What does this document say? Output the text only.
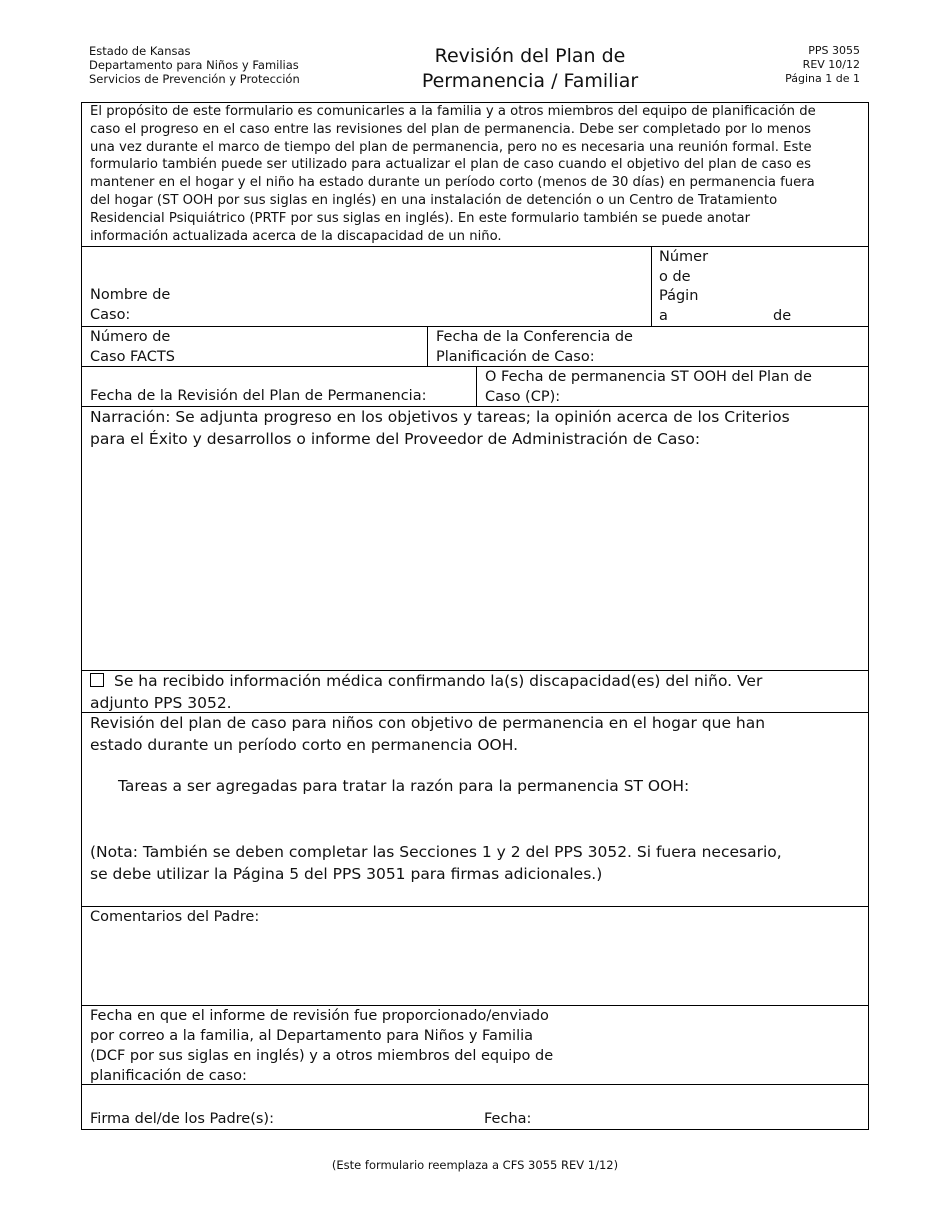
Estado de Kansas
Departamento para Niños y Familias
Servicios de Prevención y Protección
Revisión del Plan de
Permanencia / Familiar
PPS 3055
REV 10/12
Página 1 de 1
El propósito de este formulario es comunicarles a la familia y a otros miembros del equipo de planificación de
caso el progreso en el caso entre las revisiones del plan de permanencia. Debe ser completado por lo menos
una vez durante el marco de tiempo del plan de permanencia, pero no es necesaria una reunión formal. Este
formulario también puede ser utilizado para actualizar el plan de caso cuando el objetivo del plan de caso es
mantener en el hogar y el niño ha estado durante un período corto (menos de 30 días) en permanencia fuera
del hogar (ST OOH por sus siglas en inglés) en una instalación de detención o un Centro de Tratamiento
Residencial Psiquiátrico (PRTF por sus siglas en inglés). En este formulario también se puede anotar
información actualizada acerca de la discapacidad de un niño.
Nombre de
Caso:
Númer
o de
Págin
a	de
Número de
Caso FACTS
Fecha de la Conferencia de
Planificación de Caso:
Fecha de la Revisión del Plan de Permanencia:
O Fecha de permanencia ST OOH del Plan de
Caso (CP):
Narración: Se adjunta progreso en los objetivos y tareas; la opinión acerca de los Criterios
para el Éxito y desarrollos o informe del Proveedor de Administración de Caso:
Se ha recibido información médica confirmando la(s) discapacidad(es) del niño. Ver
adjunto PPS 3052.
Revisión del plan de caso para niños con objetivo de permanencia en el hogar que han
estado durante un período corto en permanencia OOH.
Tareas a ser agregadas para tratar la razón para la permanencia ST OOH:
(Nota: También se deben completar las Secciones 1 y 2 del PPS 3052. Si fuera necesario,
se debe utilizar la Página 5 del PPS 3051 para firmas adicionales.)
Comentarios del Padre:
Fecha en que el informe de revisión fue proporcionado/enviado
por correo a la familia, al Departamento para Niños y Familia
(DCF por sus siglas en inglés) y a otros miembros del equipo de
planificación de caso:
Firma del/de los Padre(s):	Fecha:
(Este formulario reemplaza a CFS 3055 REV 1/12)
